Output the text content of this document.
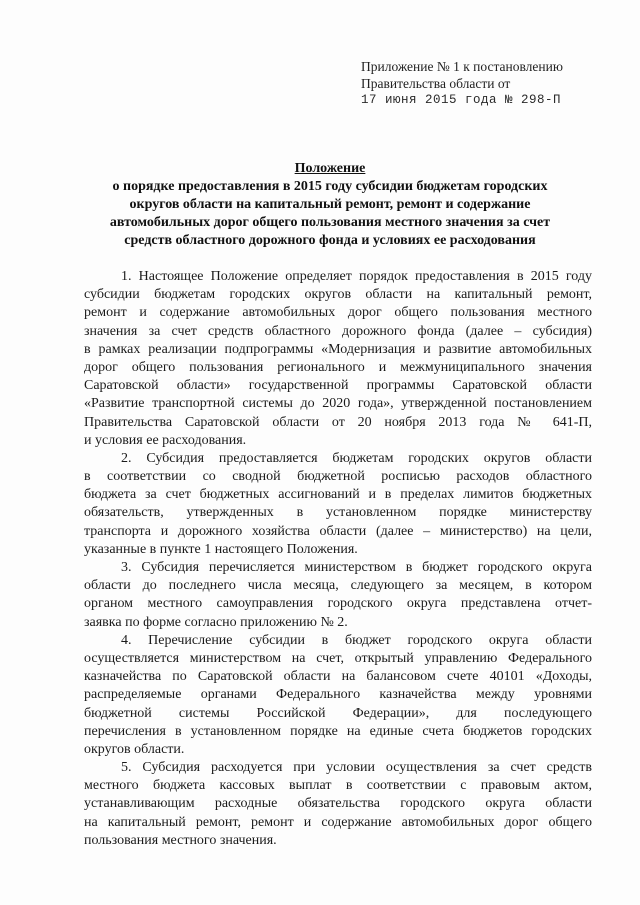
Приложение № 1 к постановлению
Правительства области от
17 июня 2015 года № 298-П
Положение
о порядке предоставления в 2015 году субсидии бюджетам городских
округов области на капитальный ремонт, ремонт и содержание
автомобильных дорог общего пользования местного значения за счет
средств областного дорожного фонда и условиях ее расходования
1. Настоящее Положение определяет порядок предоставления в 2015 году
субсидии бюджетам городских округов области на капитальный ремонт,
ремонт и содержание автомобильных дорог общего пользования местного
значения за счет средств областного дорожного фонда (далее – субсидия)
в рамках реализации подпрограммы «Модернизация и развитие автомобильных
дорог общего пользования регионального и межмуниципального значения
Саратовской области» государственной программы Саратовской области
«Развитие транспортной системы до 2020 года», утвержденной постановлением
Правительства Саратовской области от 20 ноября 2013 года № 641-П,
и условия ее расходования.
2. Субсидия предоставляется бюджетам городских округов области
в соответствии со сводной бюджетной росписью расходов областного
бюджета за счет бюджетных ассигнований и в пределах лимитов бюджетных
обязательств, утвержденных в установленном порядке министерству
транспорта и дорожного хозяйства области (далее – министерство) на цели,
указанные в пункте 1 настоящего Положения.
3. Субсидия перечисляется министерством в бюджет городского округа
области до последнего числа месяца, следующего за месяцем, в котором
органом местного самоуправления городского округа представлена отчет-
заявка по форме согласно приложению № 2.
4. Перечисление субсидии в бюджет городского округа области
осуществляется министерством на счет, открытый управлению Федерального
казначейства по Саратовской области на балансовом счете 40101 «Доходы,
распределяемые органами Федерального казначейства между уровнями
бюджетной системы Российской Федерации», для последующего
перечисления в установленном порядке на единые счета бюджетов городских
округов области.
5. Субсидия расходуется при условии осуществления за счет средств
местного бюджета кассовых выплат в соответствии с правовым актом,
устанавливающим расходные обязательства городского округа области
на капитальный ремонт, ремонт и содержание автомобильных дорог общего
пользования местного значения.
